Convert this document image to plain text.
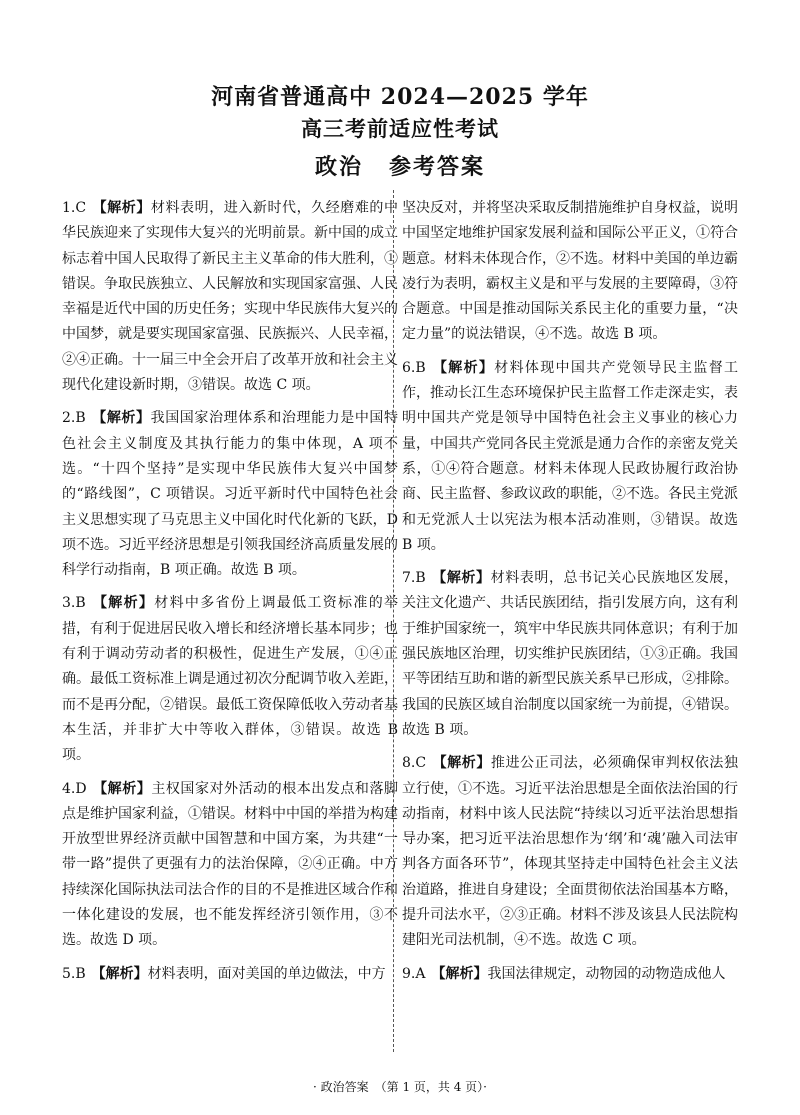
河南省普通高中 2024—2025 学年
高三考前适应性考试
政治 参考答案
1.C 【解析】材料表明，进入新时代，久经磨难的中华民族迎来了实现伟大复兴的光明前景。新中国的成立标志着中国人民取得了新民主主义革命的伟大胜利，①错误。争取民族独立、人民解放和实现国家富强、人民幸福是近代中国的历史任务；实现中华民族伟大复兴的中国梦，就是要实现国家富强、民族振兴、人民幸福，②④正确。十一届三中全会开启了改革开放和社会主义现代化建设新时期，③错误。故选 C 项。
2.B 【解析】我国国家治理体系和治理能力是中国特色社会主义制度及其执行能力的集中体现，A 项不选。“十四个坚持”是实现中华民族伟大复兴中国梦的“路线图”，C 项错误。习近平新时代中国特色社会主义思想实现了马克思主义中国化时代化新的飞跃，D 项不选。习近平经济思想是引领我国经济高质量发展的科学行动指南，B 项正确。故选 B 项。
3.B 【解析】材料中多省份上调最低工资标准的举措，有利于促进居民收入增长和经济增长基本同步；也有利于调动劳动者的积极性，促进生产发展，①④正确。最低工资标准上调是通过初次分配调节收入差距，而不是再分配，②错误。最低工资保障低收入劳动者基本生活，并非扩大中等收入群体，③错误。故选 B 项。
4.D 【解析】主权国家对外活动的根本出发点和落脚点是维护国家利益，①错误。材料中中国的举措为构建开放型世界经济贡献中国智慧和中国方案，为共建“一带一路”提供了更强有力的法治保障，②④正确。中方持续深化国际执法司法合作的目的不是推进区域合作和一体化建设的发展，也不能发挥经济引领作用，③不选。故选 D 项。
5.B 【解析】材料表明，面对美国的单边做法，中方
坚决反对，并将坚决采取反制措施维护自身权益，说明中国坚定地维护国家发展利益和国际公平正义，①符合题意。材料未体现合作，②不选。材料中美国的单边霸凌行为表明，霸权主义是和平与发展的主要障碍，③符合题意。中国是推动国际关系民主化的重要力量，“决定力量”的说法错误，④不选。故选 B 项。
6.B 【解析】材料体现中国共产党领导民主监督工作，推动长江生态环境保护民主监督工作走深走实，表明中国共产党是领导中国特色社会主义事业的核心力量，中国共产党同各民主党派是通力合作的亲密友党关系，①④符合题意。材料未体现人民政协履行政治协商、民主监督、参政议政的职能，②不选。各民主党派和无党派人士以宪法为根本活动准则，③错误。故选 B 项。
7.B 【解析】材料表明，总书记关心民族地区发展，关注文化遗产、共话民族团结，指引发展方向，这有利于维护国家统一，筑牢中华民族共同体意识；有利于加强民族地区治理，切实维护民族团结，①③正确。我国平等团结互助和谐的新型民族关系早已形成，②排除。我国的民族区域自治制度以国家统一为前提，④错误。故选 B 项。
8.C 【解析】推进公正司法，必须确保审判权依法独立行使，①不选。习近平法治思想是全面依法治国的行动指南，材料中该人民法院“持续以习近平法治思想指导办案，把习近平法治思想作为‘纲’和‘魂’融入司法审判各方面各环节”，体现其坚持走中国特色社会主义法治道路，推进自身建设；全面贯彻依法治国基本方略，提升司法水平，②③正确。材料不涉及该县人民法院构建阳光司法机制，④不选。故选 C 项。
9.A 【解析】我国法律规定，动物园的动物造成他人
· 政治答案　（第 1 页，共 4 页）·
